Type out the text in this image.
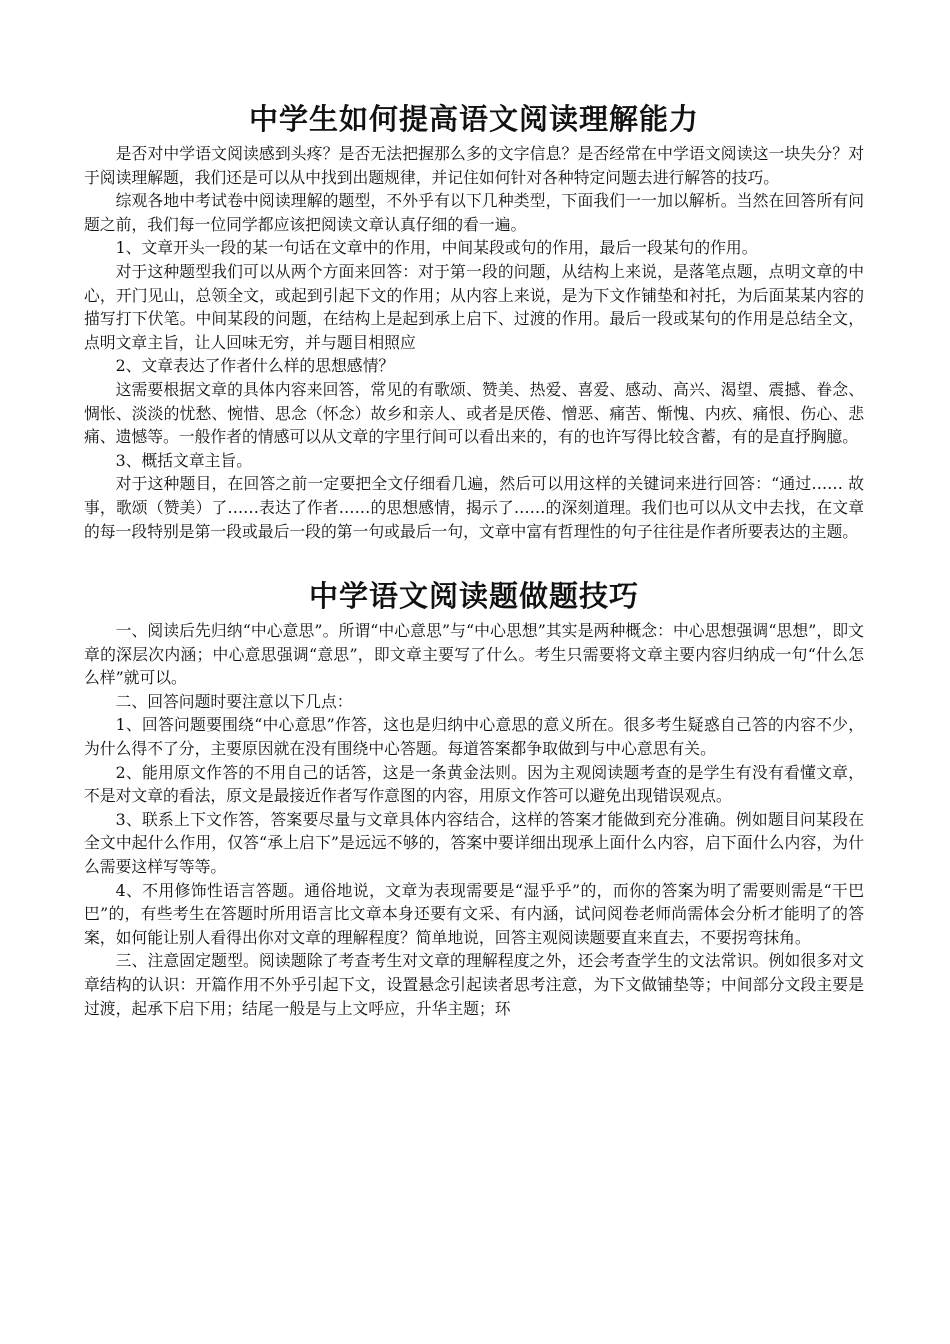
中学生如何提高语文阅读理解能力

是否对中学语文阅读感到头疼？是否无法把握那么多的文字信息？是否经常在中学语文阅读这一块失分？对于阅读理解题，我们还是可以从中找到出题规律，并记住如何针对各种特定问题去进行解答的技巧。

综观各地中考试卷中阅读理解的题型，不外乎有以下几种类型，下面我们一一加以解析。当然在回答所有问题之前，我们每一位同学都应该把阅读文章认真仔细的看一遍。

1、文章开头一段的某一句话在文章中的作用，中间某段或句的作用，最后一段某句的作用。

对于这种题型我们可以从两个方面来回答：对于第一段的问题，从结构上来说，是落笔点题，点明文章的中心，开门见山，总领全文，或起到引起下文的作用；从内容上来说，是为下文作铺垫和衬托，为后面某某内容的描写打下伏笔。中间某段的问题，在结构上是起到承上启下、过渡的作用。最后一段或某句的作用是总结全文，点明文章主旨，让人回味无穷，并与题目相照应

2、文章表达了作者什么样的思想感情？

这需要根据文章的具体内容来回答，常见的有歌颂、赞美、热爱、喜爱、感动、高兴、渴望、震撼、眷念、惆怅、淡淡的忧愁、惋惜、思念（怀念）故乡和亲人、或者是厌倦、憎恶、痛苦、惭愧、内疚、痛恨、伤心、悲痛、遗憾等。一般作者的情感可以从文章的字里行间可以看出来的，有的也许写得比较含蓄，有的是直抒胸臆。

3、概括文章主旨。

对于这种题目，在回答之前一定要把全文仔细看几遍，然后可以用这样的关键词来进行回答：“通过…… 故事，歌颂（赞美）了……表达了作者……的思想感情，揭示了……的深刻道理。我们也可以从文中去找，在文章的每一段特别是第一段或最后一段的第一句或最后一句，文章中富有哲理性的句子往往是作者所要表达的主题。

中学语文阅读题做题技巧

一、阅读后先归纳“中心意思”。所谓“中心意思”与“中心思想”其实是两种概念：中心思想强调“思想”，即文章的深层次内涵；中心意思强调“意思”，即文章主要写了什么。考生只需要将文章主要内容归纳成一句“什么怎么样”就可以。

二、回答问题时要注意以下几点：

1、回答问题要围绕“中心意思”作答，这也是归纳中心意思的意义所在。很多考生疑惑自己答的内容不少，为什么得不了分，主要原因就在没有围绕中心答题。每道答案都争取做到与中心意思有关。

2、能用原文作答的不用自己的话答，这是一条黄金法则。因为主观阅读题考查的是学生有没有看懂文章，不是对文章的看法，原文是最接近作者写作意图的内容，用原文作答可以避免出现错误观点。

3、联系上下文作答，答案要尽量与文章具体内容结合，这样的答案才能做到充分准确。例如题目问某段在全文中起什么作用，仅答“承上启下”是远远不够的，答案中要详细出现承上面什么内容，启下面什么内容，为什么需要这样写等等。

4、不用修饰性语言答题。通俗地说，文章为表现需要是“湿乎乎”的，而你的答案为明了需要则需是“干巴巴”的，有些考生在答题时所用语言比文章本身还要有文采、有内涵，试问阅卷老师尚需体会分析才能明了的答案，如何能让别人看得出你对文章的理解程度？简单地说，回答主观阅读题要直来直去，不要拐弯抹角。

三、注意固定题型。阅读题除了考查考生对文章的理解程度之外，还会考查学生的文法常识。例如很多对文章结构的认识：开篇作用不外乎引起下文，设置悬念引起读者思考注意，为下文做铺垫等；中间部分文段主要是过渡，起承下启下用；结尾一般是与上文呼应，升华主题；环
